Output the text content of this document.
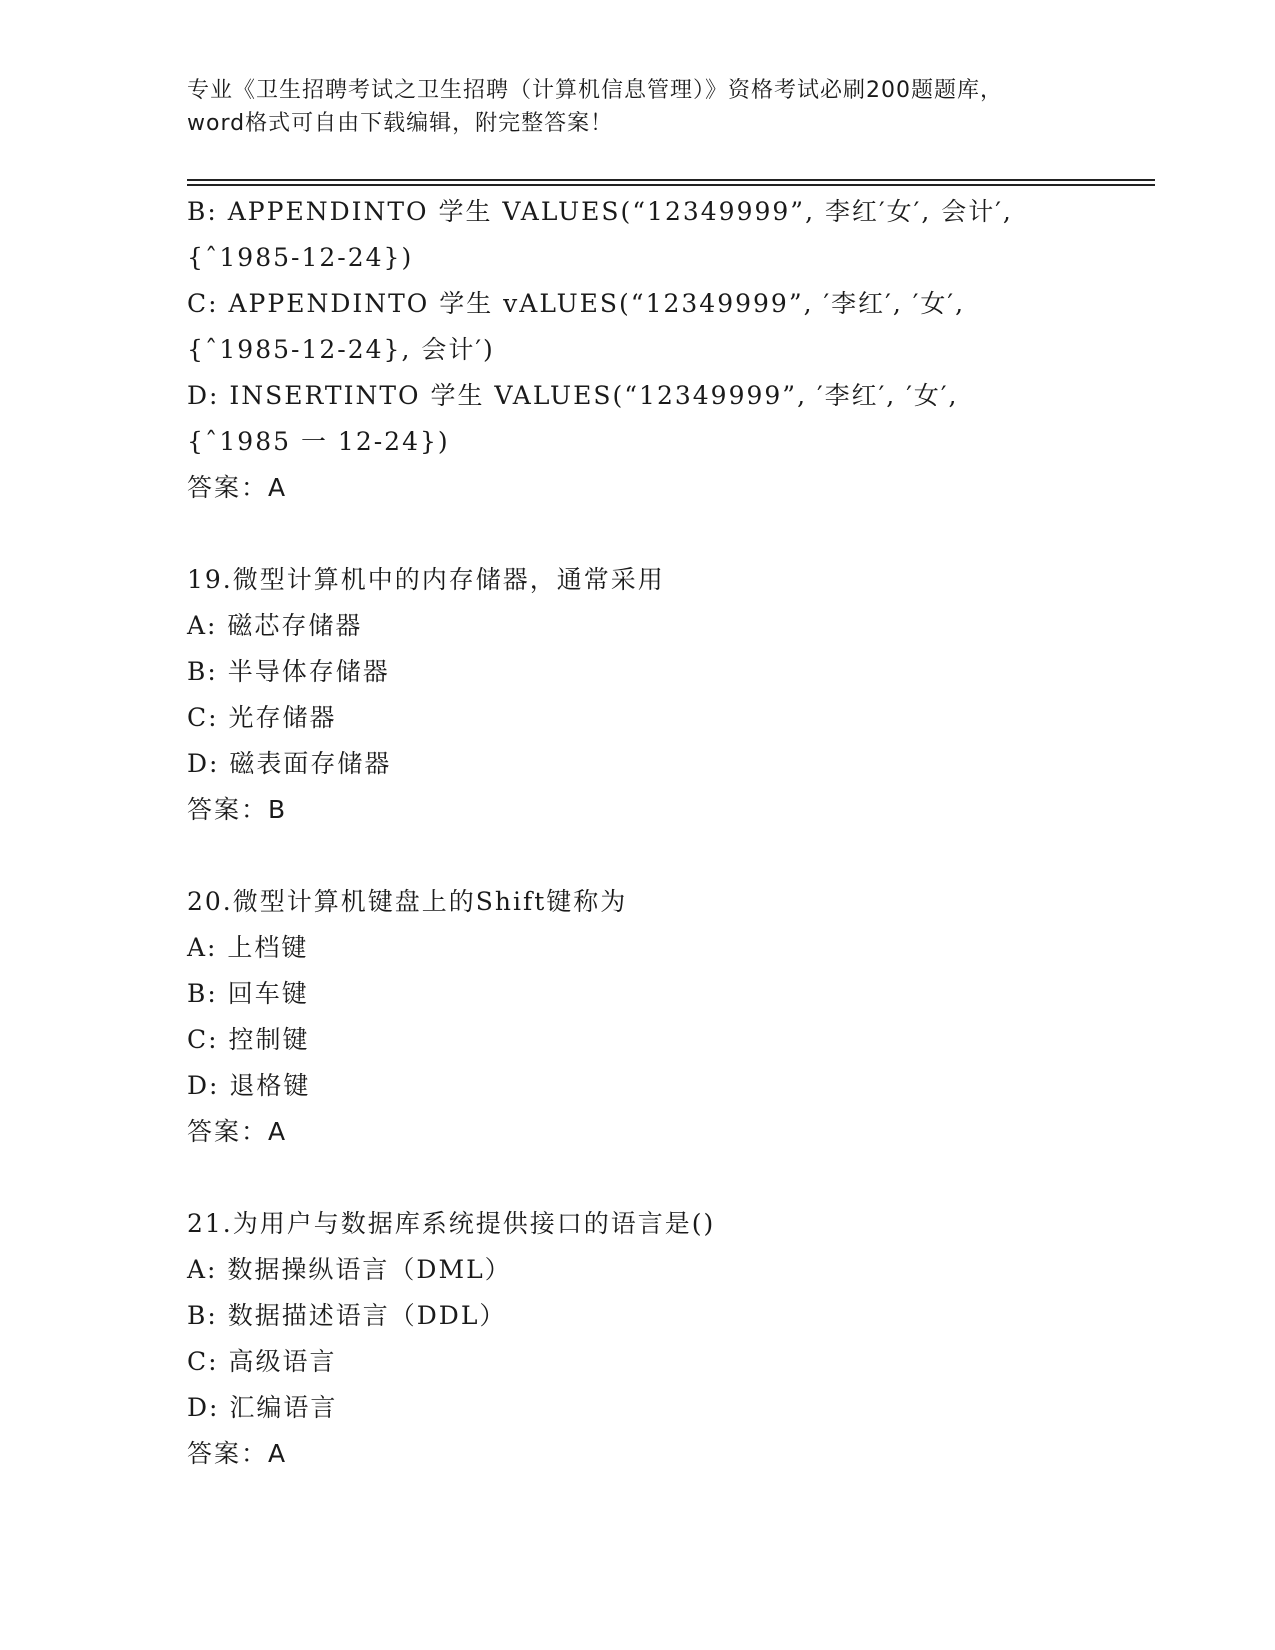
专业《卫生招聘考试之卫生招聘（计算机信息管理）》资格考试必刷200题题库，
word格式可自由下载编辑，附完整答案！
B: APPENDINTO 学生 VALUES(“12349999”, 李红′女′, 会计′,
{ˆ1985-12-24})
C: APPENDINTO 学生 vALUES(“12349999”, ′李红′, ′女′,
{ˆ1985-12-24}, 会计′)
D: INSERTINTO 学生 VALUES(“12349999”, ′李红′, ′女′,
{ˆ1985 一 12-24})
答案：A
19.微型计算机中的内存储器，通常采用
A: 磁芯存储器
B: 半导体存储器
C: 光存储器
D: 磁表面存储器
答案：B
20.微型计算机键盘上的Shift键称为
A: 上档键
B: 回车键
C: 控制键
D: 退格键
答案：A
21.为用户与数据库系统提供接口的语言是()
A: 数据操纵语言（DML）
B: 数据描述语言（DDL）
C: 高级语言
D: 汇编语言
答案：A
